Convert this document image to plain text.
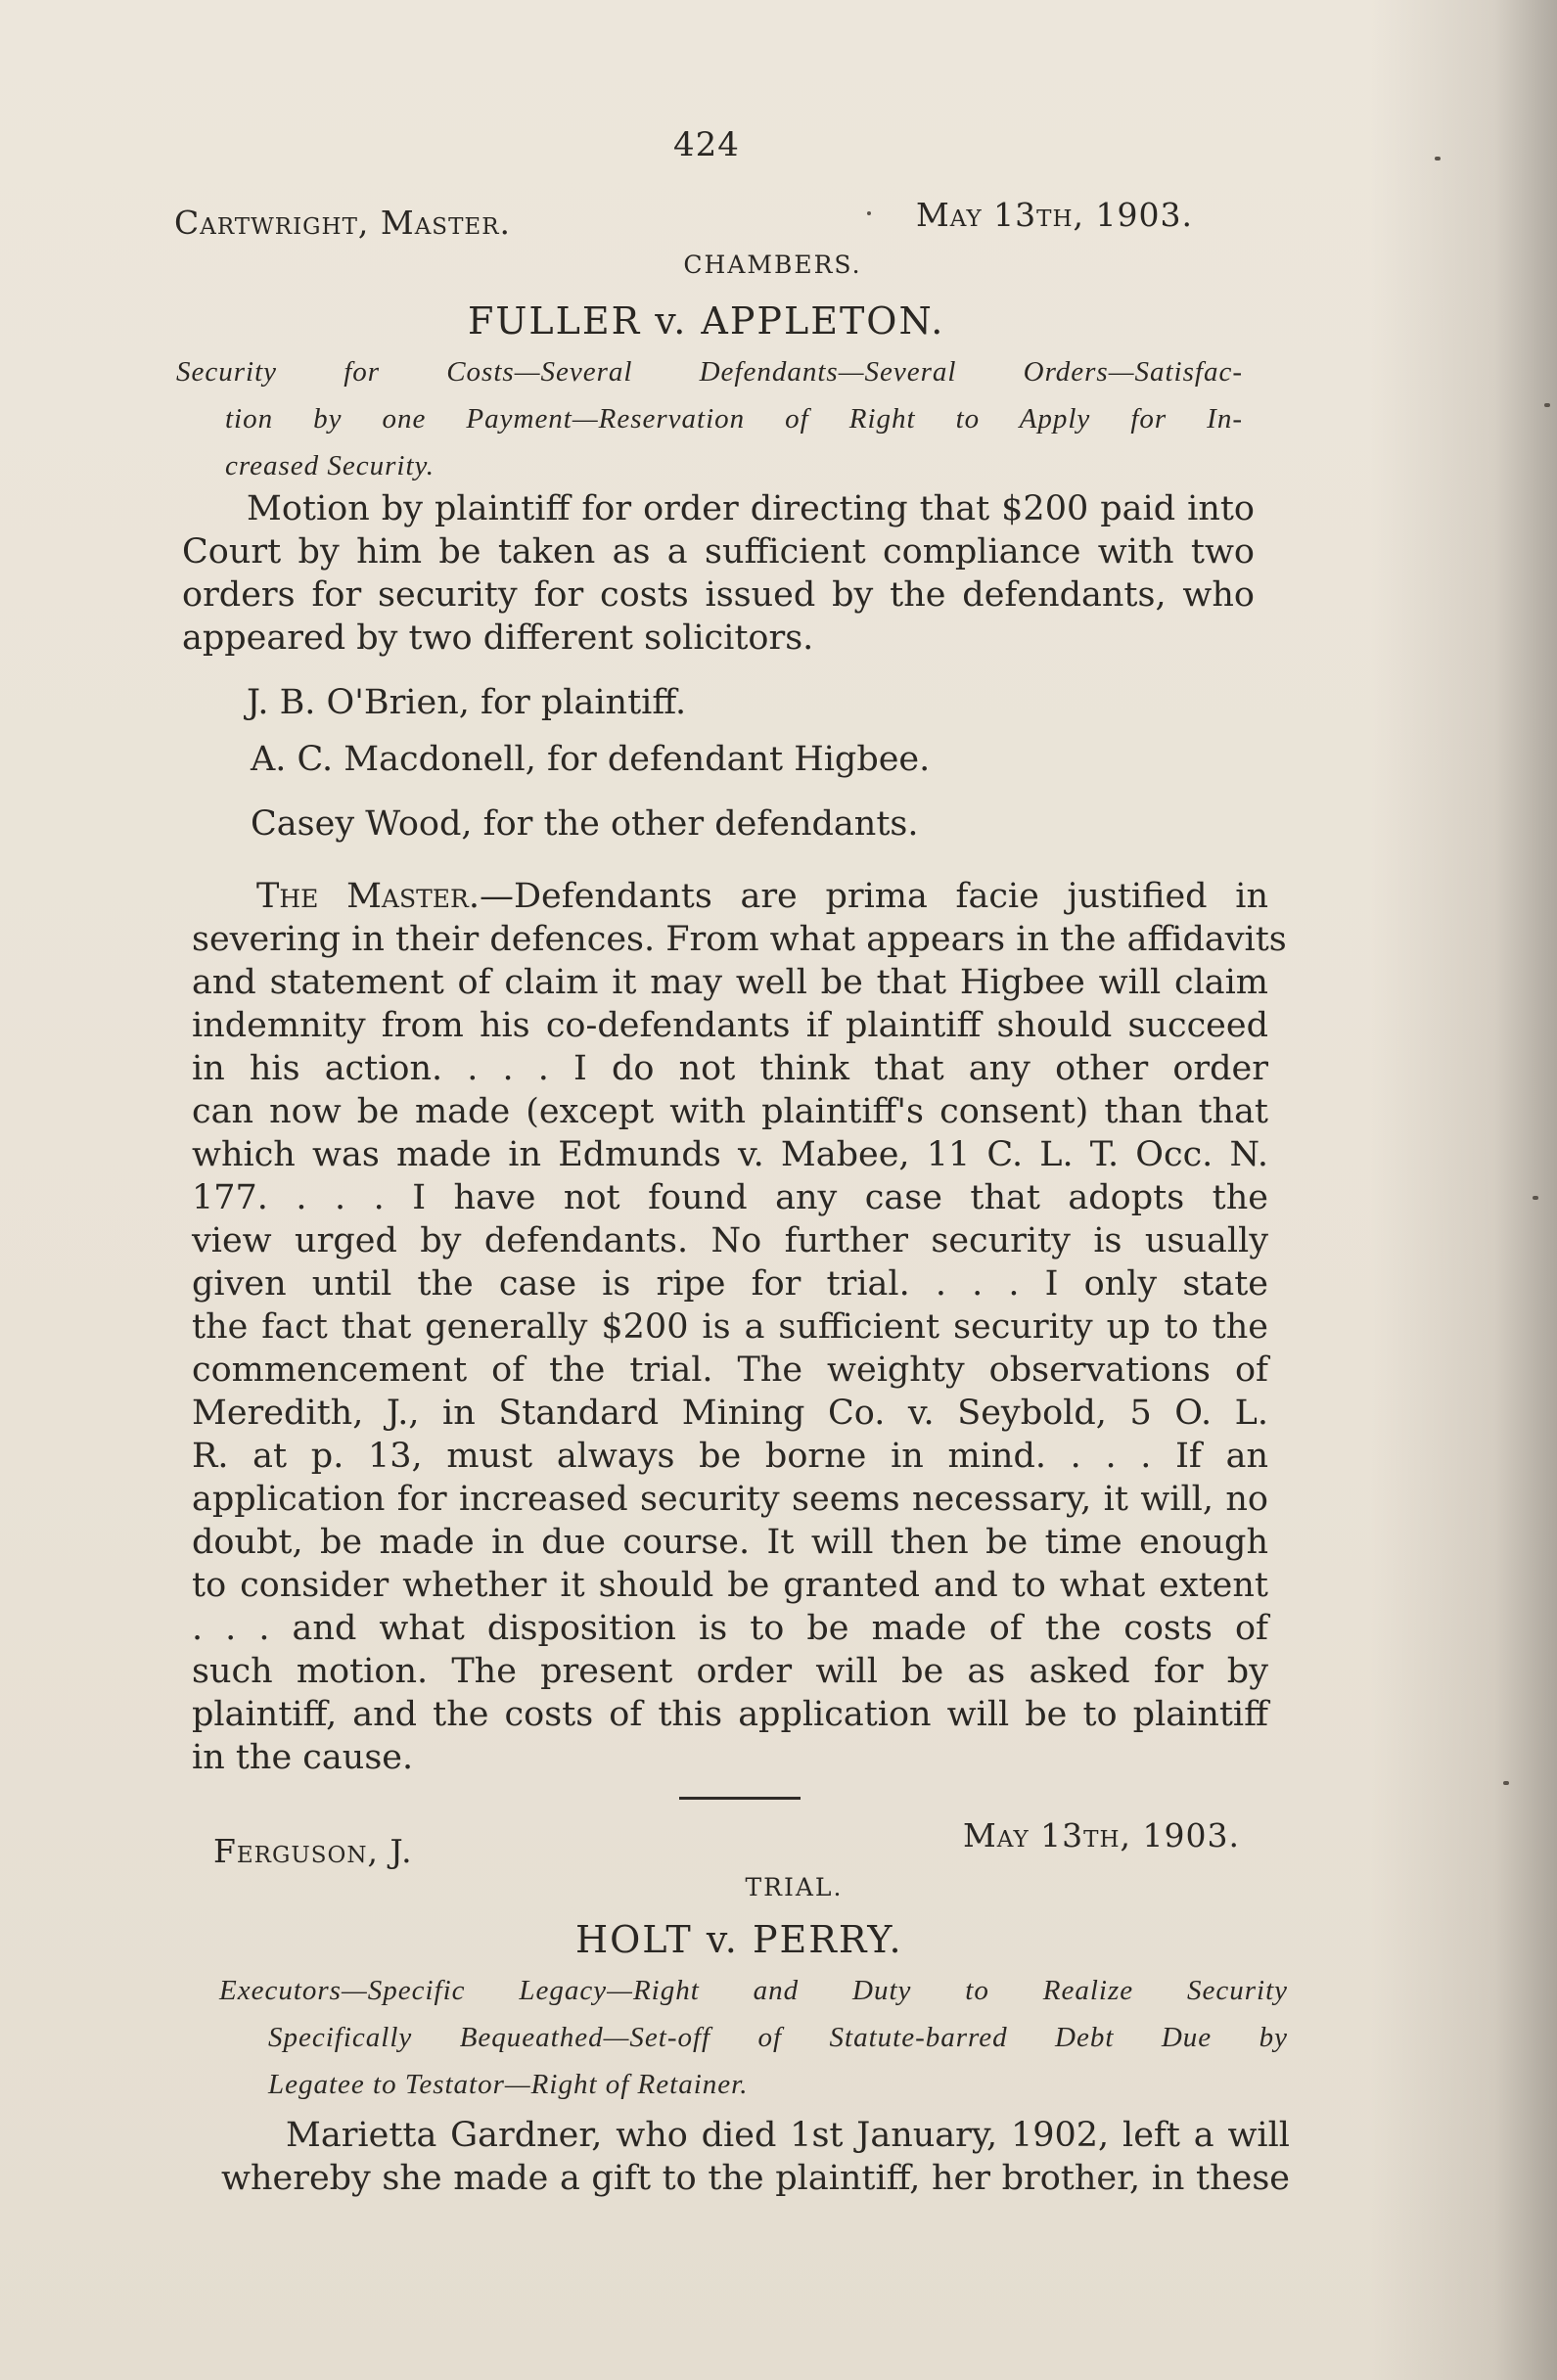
424
Cartwright, Master.	May 13th, 1903.
CHAMBERS.
FULLER v. APPLETON.
Security for Costs—Several Defendants—Several Orders—Satisfac-
tion by one Payment—Reservation of Right to Apply for In-
creased Security.
Motion by plaintiff for order directing that $200 paid into
Court by him be taken as a sufficient compliance with two
orders for security for costs issued by the defendants, who
appeared by two different solicitors.
J. B. O'Brien, for plaintiff.
A. C. Macdonell, for defendant Higbee.
Casey Wood, for the other defendants.
The Master.—Defendants are prima facie justified in
severing in their defences. From what appears in the affidavits
and statement of claim it may well be that Higbee will claim
indemnity from his co-defendants if plaintiff should succeed
in his action. . . . I do not think that any other order
can now be made (except with plaintiff's consent) than that
which was made in Edmunds v. Mabee, 11 C. L. T. Occ. N.
177. . . . I have not found any case that adopts the
view urged by defendants. No further security is usually
given until the case is ripe for trial. . . . I only state
the fact that generally $200 is a sufficient security up to the
commencement of the trial. The weighty observations of
Meredith, J., in Standard Mining Co. v. Seybold, 5 O. L.
R. at p. 13, must always be borne in mind. . . . If an
application for increased security seems necessary, it will, no
doubt, be made in due course. It will then be time enough
to consider whether it should be granted and to what extent
. . . and what disposition is to be made of the costs of
such motion. The present order will be as asked for by
plaintiff, and the costs of this application will be to plaintiff
in the cause.
Ferguson, J.	May 13th, 1903.
TRIAL.
HOLT v. PERRY.
Executors—Specific Legacy—Right and Duty to Realize Security
Specifically Bequeathed—Set-off of Statute-barred Debt Due by
Legatee to Testator—Right of Retainer.
Marietta Gardner, who died 1st January, 1902, left a will
whereby she made a gift to the plaintiff, her brother, in these
